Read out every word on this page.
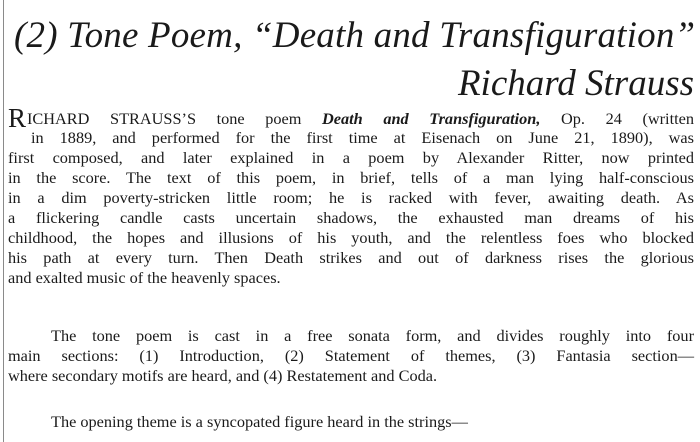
(2) Tone Poem, “Death and Transfiguration”
Richard Strauss
RICHARD STRAUSS’S tone poem Death and Transfiguration, Op. 24 (written
in 1889, and performed for the first time at Eisenach on June 21, 1890), was
first composed, and later explained in a poem by Alexander Ritter, now printed
in the score. The text of this poem, in brief, tells of a man lying half-conscious
in a dim poverty-stricken little room; he is racked with fever, awaiting death. As
a flickering candle casts uncertain shadows, the exhausted man dreams of his
childhood, the hopes and illusions of his youth, and the relentless foes who blocked
his path at every turn. Then Death strikes and out of darkness rises the glorious
and exalted music of the heavenly spaces.
The tone poem is cast in a free sonata form, and divides roughly into four
main sections: (1) Introduction, (2) Statement of themes, (3) Fantasia section—
where secondary motifs are heard, and (4) Restatement and Coda.
The opening theme is a syncopated figure heard in the strings—
